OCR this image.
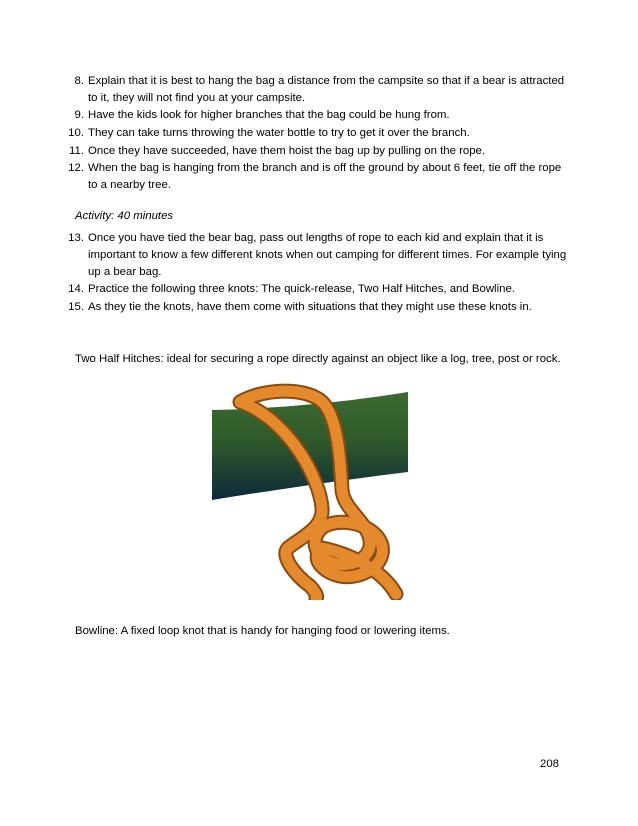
8. Explain that it is best to hang the bag a distance from the campsite so that if a bear is attracted to it, they will not find you at your campsite.
9. Have the kids look for higher branches that the bag could be hung from.
10. They can take turns throwing the water bottle to try to get it over the branch.
11. Once they have succeeded, have them hoist the bag up by pulling on the rope.
12. When the bag is hanging from the branch and is off the ground by about 6 feet, tie off the rope to a nearby tree.
Activity: 40 minutes
13. Once you have tied the bear bag, pass out lengths of rope to each kid and explain that it is important to know a few different knots when out camping for different times. For example tying up a bear bag.
14. Practice the following three knots: The quick-release, Two Half Hitches, and Bowline.
15. As they tie the knots, have them come with situations that they might use these knots in.
Two Half Hitches: ideal for securing a rope directly against an object like a log, tree, post or rock.
Bowline: A fixed loop knot that is handy for hanging food or lowering items.
208
